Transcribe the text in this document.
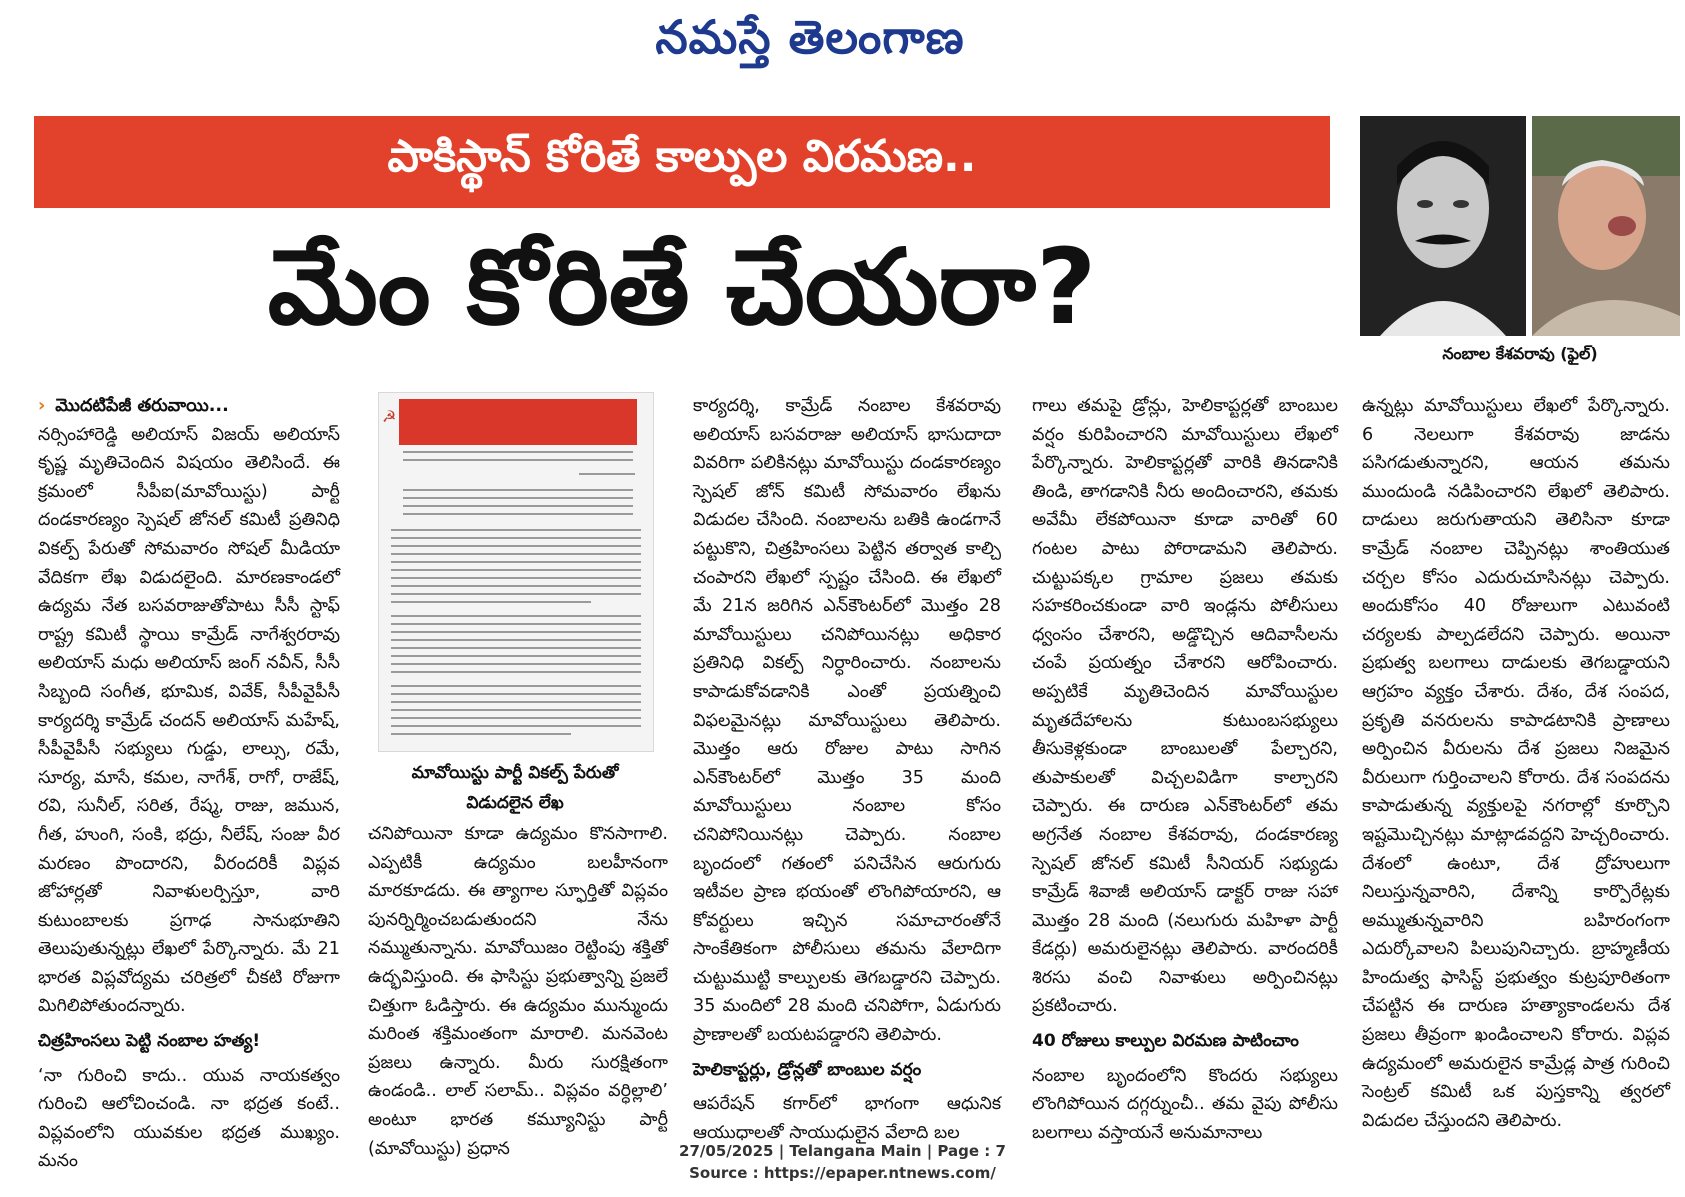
నమస్తే తెలంగాణ
పాకిస్థాన్ కోరితే కాల్పుల విరమణ..
మేం కోరితే చేయరా?
నంబాల కేశవరావు (ఫైల్)

› మొదటిపేజీ తరువాయి...

నర్సింహారెడ్డి అలియాస్ విజయ్ అలియాస్ కృష్ణ మృతిచెందిన విషయం తెలిసిందే. ఈ క్రమంలో సీపీఐ(మావోయిస్టు) పార్టీ దండకారణ్యం స్పెషల్ జోనల్ కమిటీ ప్రతినిధి వికల్ప్ పేరుతో సోమవారం సోషల్ మీడియా వేదికగా లేఖ విడుదలైంది. మారణకాండలో ఉద్యమ నేత బసవరాజుతోపాటు సీసీ స్టాఫ్ రాష్ట్ర కమిటీ స్థాయి కామ్రేడ్ నాగేశ్వరరావు అలియాస్ మధు అలియాస్ జంగ్ నవీన్, సీసీ సిబ్బంది సంగీత, భూమిక, వివేక్, సీపీవైపీసీ కార్యదర్శి కామ్రేడ్ చందన్ అలియాస్ మహేష్, సీపీవైపీసీ సభ్యులు గుడ్డు, లాల్సు, రమే, సూర్య, మాసే, కమల, నాగేశ్, రాగో, రాజేష్, రవి, సునీల్, సరిత, రేష్మ, రాజు, జమున, గీత, హుంగి, సంకి, భద్రు, నీలేష్, సంజు వీర మరణం పొందారని, వీరందరికీ విప్లవ జోహార్లతో నివాళులర్పిస్తూ, వారి కుటుంబాలకు ప్రగాఢ సానుభూతిని తెలుపుతున్నట్లు లేఖలో పేర్కొన్నారు. మే 21 భారత విప్లవోద్యమ చరిత్రలో చీకటి రోజుగా మిగిలిపోతుందన్నారు.

చిత్రహింసలు పెట్టి నంబాల హత్య!

‘నా గురించి కాదు.. యువ నాయకత్వం గురించి ఆలోచించండి. నా భద్రత కంటే.. విప్లవంలోని యువకుల భద్రత ముఖ్యం. మనం

☭
మావోయిస్టు పార్టీ వికల్ప్ పేరుతో విడుదలైన లేఖ

చనిపోయినా కూడా ఉద్యమం కొనసాగాలి. ఎప్పటికీ ఉద్యమం బలహీనంగా మారకూడదు. ఈ త్యాగాల స్ఫూర్తితో విప్లవం పునర్నిర్మించబడుతుందని నేను నమ్ముతున్నాను. మావోయిజం రెట్టింపు శక్తితో ఉద్భవిస్తుంది. ఈ ఫాసిస్టు ప్రభుత్వాన్ని ప్రజలే చిత్తుగా ఓడిస్తారు. ఈ ఉద్యమం మున్ముందు మరింత శక్తిమంతంగా మారాలి. మనవెంట ప్రజలు ఉన్నారు. మీరు సురక్షితంగా ఉండండి.. లాల్ సలామ్.. విప్లవం వర్ధిల్లాలి’ అంటూ భారత కమ్యూనిస్టు పార్టీ (మావోయిస్టు) ప్రధాన

కార్యదర్శి, కామ్రేడ్ నంబాల కేశవరావు అలియాస్ బసవరాజు అలియాస్ భాసుదాదా వివరిగా పలికినట్లు మావోయిస్టు దండకారణ్యం స్పెషల్ జోన్ కమిటీ సోమవారం లేఖను విడుదల చేసింది. నంబాలను బతికి ఉండగానే పట్టుకొని, చిత్రహింసలు పెట్టిన తర్వాత కాల్చి చంపారని లేఖలో స్పష్టం చేసింది. ఈ లేఖలో మే 21న జరిగిన ఎన్‌కౌంటర్‌లో మొత్తం 28 మావోయిస్టులు చనిపోయినట్లు అధికార ప్రతినిధి వికల్ప్ నిర్ధారించారు. నంబాలను కాపాడుకోవడానికి ఎంతో ప్రయత్నించి విఫలమైనట్లు మావోయిస్టులు తెలిపారు. మొత్తం ఆరు రోజుల పాటు సాగిన ఎన్‌కౌంటర్‌లో మొత్తం 35 మంది మావోయిస్టులు నంబాల కోసం చనిపోనియినట్లు చెప్పారు. నంబాల బృందంలో గతంలో పనిచేసిన ఆరుగురు ఇటీవల ప్రాణ భయంతో లొంగిపోయారని, ఆ కోవర్టులు ఇచ్చిన సమాచారంతోనే సాంకేతికంగా పోలీసులు తమను వేలాదిగా చుట్టుముట్టి కాల్పులకు తెగబడ్డారని చెప్పారు. 35 మందిలో 28 మంది చనిపోగా, ఏడుగురు ప్రాణాలతో బయటపడ్డారని తెలిపారు.

హెలికాప్టర్లు, డ్రోన్లతో బాంబుల వర్షం

ఆపరేషన్ కగార్‌లో భాగంగా ఆధునిక ఆయుధాలతో సాయుధులైన వేలాది బల

గాలు తమపై డ్రోన్లు, హెలికాప్టర్లతో బాంబుల వర్షం కురిపించారని మావోయిస్టులు లేఖలో పేర్కొన్నారు. హెలికాప్టర్లతో వారికి తినడానికి తిండి, తాగడానికి నీరు అందించారని, తమకు అవేమీ లేకపోయినా కూడా వారితో 60 గంటల పాటు పోరాడామని తెలిపారు. చుట్టుపక్కల గ్రామాల ప్రజలు తమకు సహకరించకుండా వారి ఇండ్లను పోలీసులు ధ్వంసం చేశారని, అడ్డొచ్చిన ఆదివాసీలను చంపే ప్రయత్నం చేశారని ఆరోపించారు. అప్పటికే మృతిచెందిన మావోయిస్టుల మృతదేహాలను కుటుంబసభ్యులు తీసుకెళ్లకుండా బాంబులతో పేల్చారని, తుపాకులతో విచ్చలవిడిగా కాల్చారని చెప్పారు. ఈ దారుణ ఎన్‌కౌంటర్‌లో తమ అగ్రనేత నంబాల కేశవరావు, దండకారణ్య స్పెషల్ జోనల్ కమిటీ సీనియర్ సభ్యుడు కామ్రేడ్ శివాజీ అలియాస్ డాక్టర్ రాజు సహా మొత్తం 28 మంది (నలుగురు మహిళా పార్టీ కేడర్లు) అమరులైనట్లు తెలిపారు. వారందరికీ శిరసు వంచి నివాళులు అర్పించినట్లు ప్రకటించారు.

40 రోజులు కాల్పుల విరమణ పాటించాం

నంబాల బృందంలోని కొందరు సభ్యులు లొంగిపోయిన దగ్గర్నుంచీ.. తమ వైపు పోలీసు బలగాలు వస్తాయనే అనుమానాలు

ఉన్నట్లు మావోయిస్టులు లేఖలో పేర్కొన్నారు. 6 నెలలుగా కేశవరావు జాడను పసిగడుతున్నారని, ఆయన తమను ముందుండి నడిపించారని లేఖలో తెలిపారు. దాడులు జరుగుతాయని తెలిసినా కూడా కామ్రేడ్ నంబాల చెప్పినట్లు శాంతియుత చర్చల కోసం ఎదురుచూసినట్లు చెప్పారు. అందుకోసం 40 రోజులుగా ఎటువంటి చర్యలకు పాల్పడలేదని చెప్పారు. అయినా ప్రభుత్వ బలగాలు దాడులకు తెగబడ్డాయని ఆగ్రహం వ్యక్తం చేశారు. దేశం, దేశ సంపద, ప్రకృతి వనరులను కాపాడటానికి ప్రాణాలు అర్పించిన వీరులను దేశ ప్రజలు నిజమైన వీరులుగా గుర్తించాలని కోరారు. దేశ సంపదను కాపాడుతున్న వ్యక్తులపై నగరాల్లో కూర్చొని ఇష్టమొచ్చినట్లు మాట్లాడవద్దని హెచ్చరించారు. దేశంలో ఉంటూ, దేశ ద్రోహులుగా నిలుస్తున్నవారిని, దేశాన్ని కార్పొరేట్లకు అమ్ముతున్నవారిని బహిరంగంగా ఎదుర్కోవాలని పిలుపునిచ్చారు. బ్రాహ్మణీయ హిందుత్వ ఫాసిస్ట్ ప్రభుత్వం కుట్రపూరితంగా చేపట్టిన ఈ దారుణ హత్యాకాండలను దేశ ప్రజలు తీవ్రంగా ఖండించాలని కోరారు. విప్లవ ఉద్యమంలో అమరులైన కామ్రేడ్ల పాత్ర గురించి సెంట్రల్ కమిటీ ఒక పుస్తకాన్ని త్వరలో విడుదల చేస్తుందని తెలిపారు.

27/05/2025 | Telangana Main | Page : 7
Source : https://epaper.ntnews.com/
